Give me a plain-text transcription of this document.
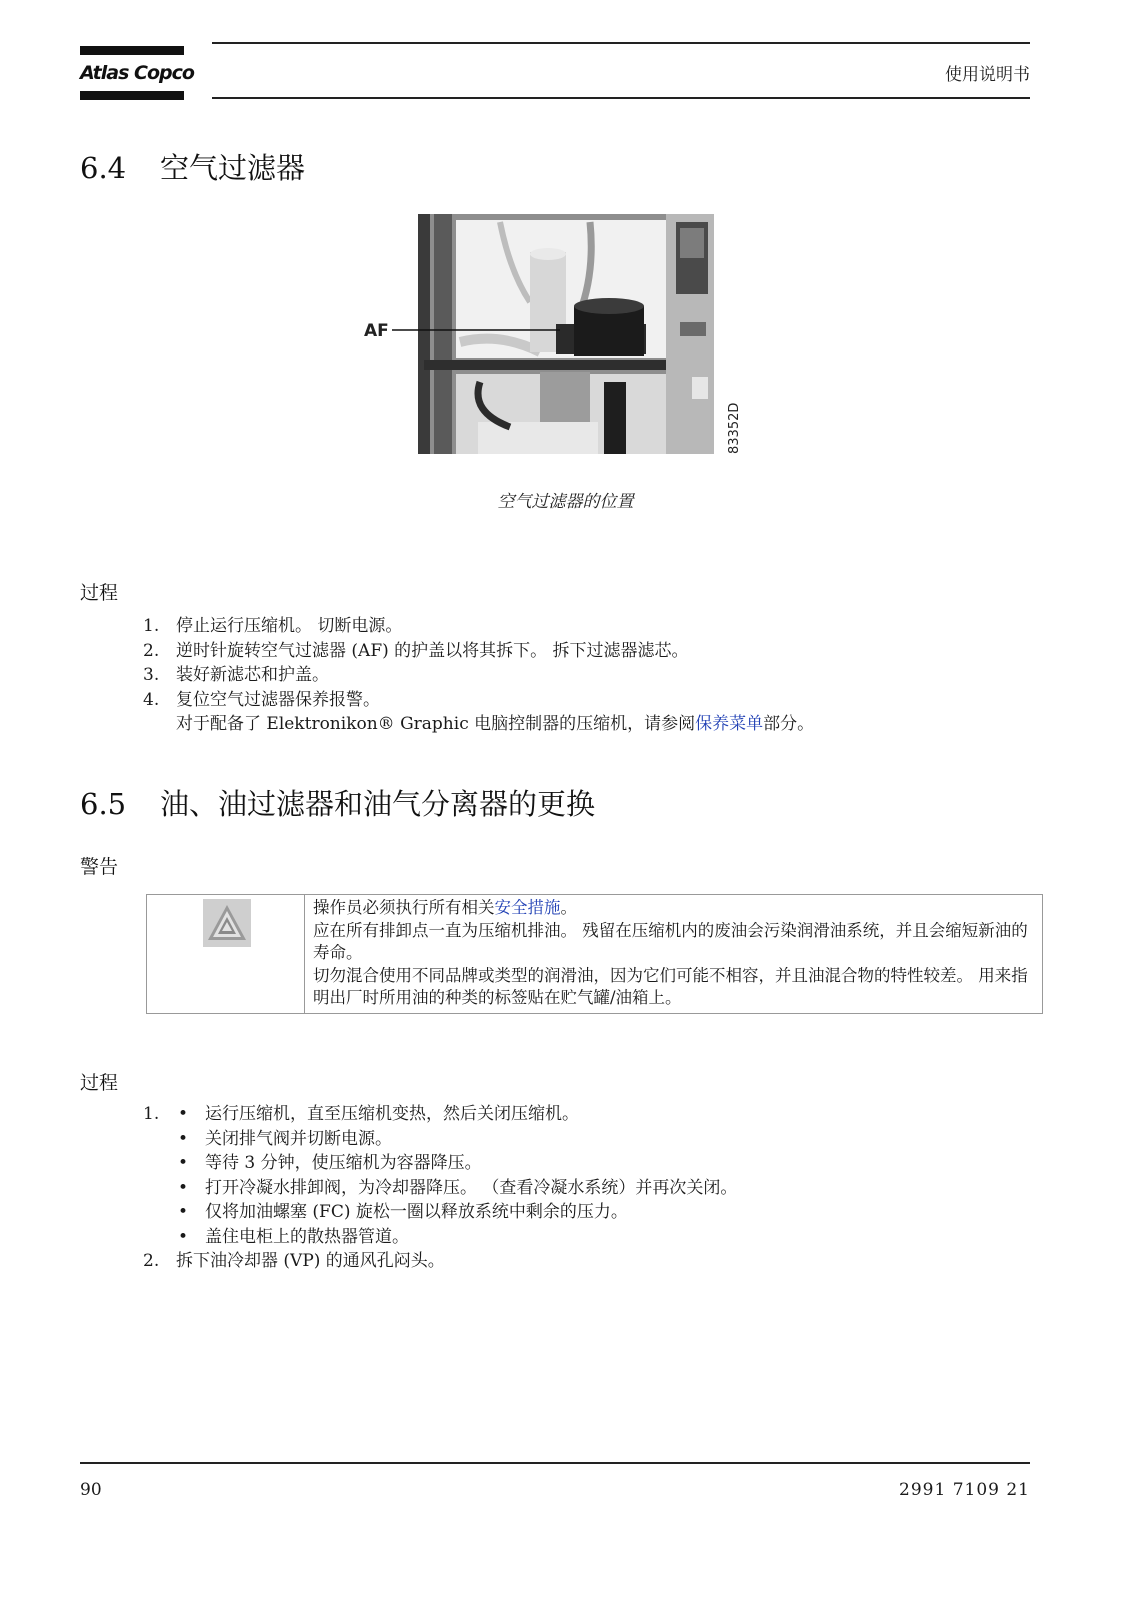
Atlas Copco	使用说明书
6.4 空气过滤器
AF
83352D
空气过滤器的位置
过程
1. 停止运行压缩机。 切断电源。
2. 逆时针旋转空气过滤器 (AF) 的护盖以将其拆下。 拆下过滤器滤芯。
3. 装好新滤芯和护盖。
4. 复位空气过滤器保养报警。
对于配备了 Elektronikon® Graphic 电脑控制器的压缩机，请参阅保养菜单部分。
6.5 油、油过滤器和油气分离器的更换
警告

操作员必须执行所有相关安全措施。

应在所有排卸点一直为压缩机排油。 残留在压缩机内的废油会污染润滑油系统，并且会缩短新油的寿命。

切勿混合使用不同品牌或类型的润滑油，因为它们可能不相容，并且油混合物的特性较差。 用来指明出厂时所用油的种类的标签贴在贮气罐/油箱上。

过程
1.	• 运行压缩机，直至压缩机变热，然后关闭压缩机。
• 关闭排气阀并切断电源。
• 等待 3 分钟，使压缩机为容器降压。
• 打开冷凝水排卸阀，为冷却器降压。 （查看冷凝水系统）并再次关闭。
• 仅将加油螺塞 (FC) 旋松一圈以释放系统中剩余的压力。
• 盖住电柜上的散热器管道。
2. 拆下油冷却器 (VP) 的通风孔闷头。
90	2991 7109 21
